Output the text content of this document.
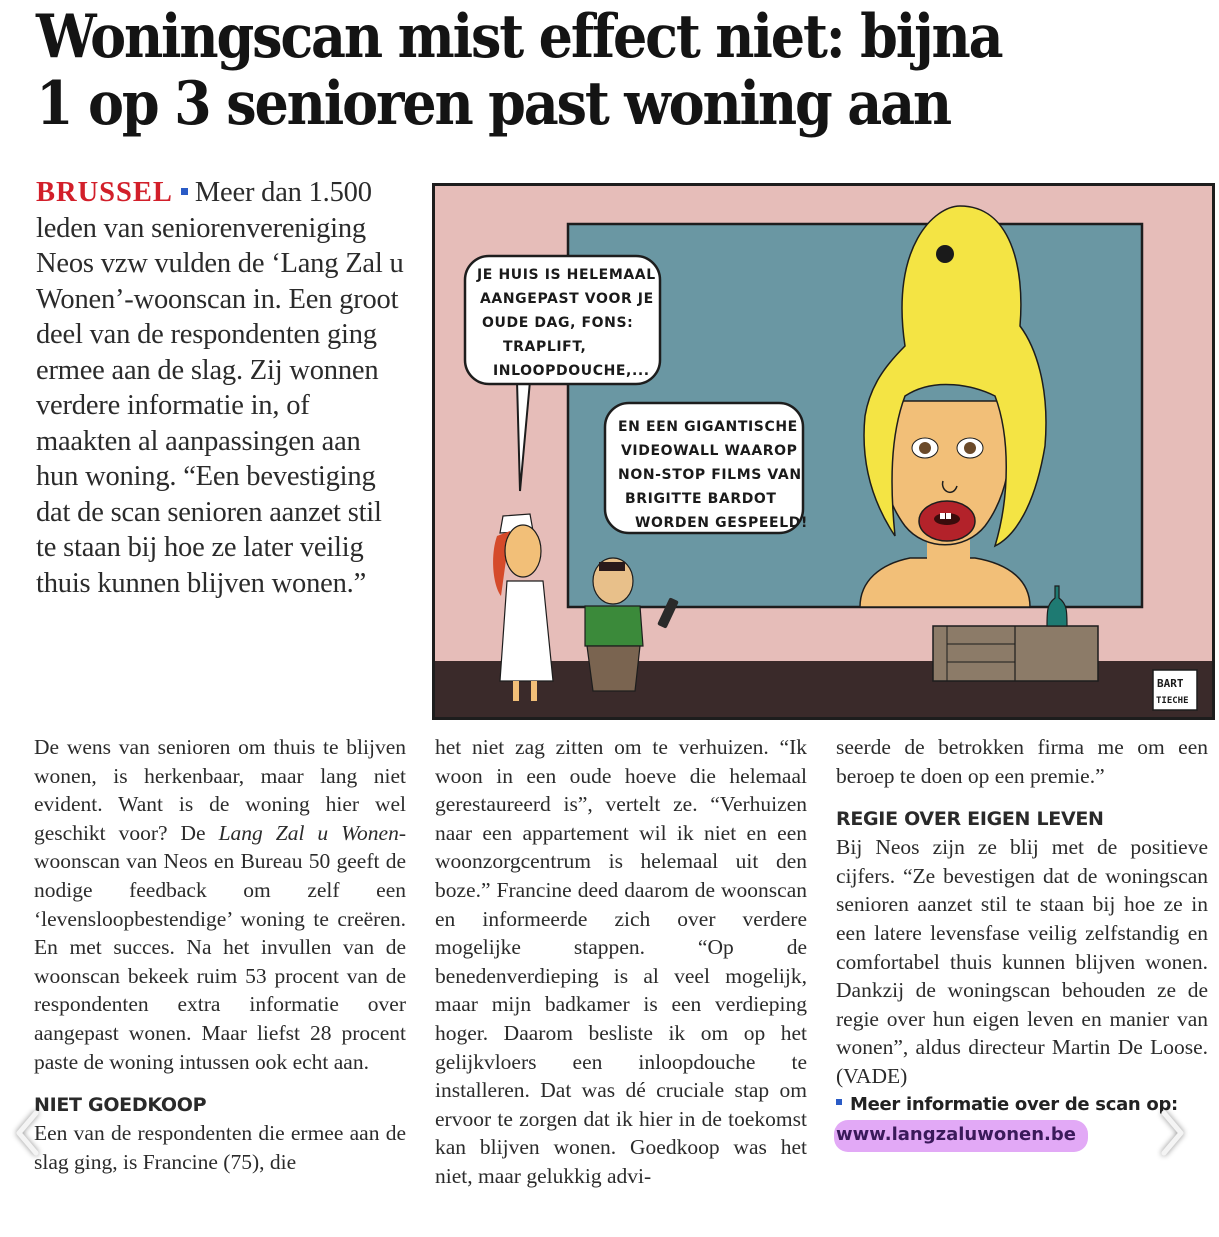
Woningscan mist effect niet: bijna
1 op 3 senioren past woning aan
BRUSSEL Meer dan 1.500 leden van seniorenvereniging Neos vzw vulden de ‘Lang Zal u Wonen’-woonscan in. Een groot deel van de respondenten ging ermee aan de slag. Zij wonnen verdere informatie in, of maakten al aanpassingen aan hun woning. “Een bevestiging dat de scan senioren aanzet stil te staan bij hoe ze later veilig thuis kunnen blijven wonen.”
JE HUIS IS HELEMAAL
AANGEPAST VOOR JE
OUDE DAG, FONS:
TRAPLIFT,
INLOOPDOUCHE,...
EN EEN GIGANTISCHE
VIDEOWALL WAAROP
NON-STOP FILMS VAN
BRIGITTE BARDOT
WORDEN GESPEELD!
BART
TIECHE

De wens van senioren om thuis te blijven wonen, is herkenbaar, maar lang niet evident. Want is de woning hier wel geschikt voor? De Lang Zal u Wonen-woonscan van Neos en Bureau 50 geeft de nodige feedback om zelf een ‘levensloopbestendige’ woning te creëren. En met succes. Na het invullen van de woonscan bekeek ruim 53 procent van de respondenten extra informatie over aangepast wonen. Maar liefst 28 procent paste de woning intussen ook echt aan.

NIET GOEDKOOP

Een van de respondenten die ermee aan de slag ging, is Francine (75), die

het niet zag zitten om te verhuizen. “Ik woon in een oude hoeve die helemaal gerestaureerd is”, vertelt ze. “Verhuizen naar een appartement wil ik niet en een woonzorgcentrum is helemaal uit den boze.” Francine deed daarom de woonscan en informeerde zich over verdere mogelijke stappen. “Op de benedenverdieping is al veel mogelijk, maar mijn badkamer is een verdieping hoger. Daarom besliste ik om op het gelijkvloers een inloopdouche te installeren. Dat was dé cruciale stap om ervoor te zorgen dat ik hier in de toekomst kan blijven wonen. Goedkoop was het niet, maar gelukkig advi-

seerde de betrokken firma me om een beroep te doen op een premie.”

REGIE OVER EIGEN LEVEN

Bij Neos zijn ze blij met de positieve cijfers. “Ze bevestigen dat de woningscan senioren aanzet stil te staan bij hoe ze in een latere levensfase veilig zelfstandig en comfortabel thuis kunnen blijven wonen. Dankzij de woningscan behouden ze de regie over hun eigen leven en manier van wonen”, aldus directeur Martin De Loose. (VADE)

Meer informatie over de scan op:
www.langzaluwonen.be
